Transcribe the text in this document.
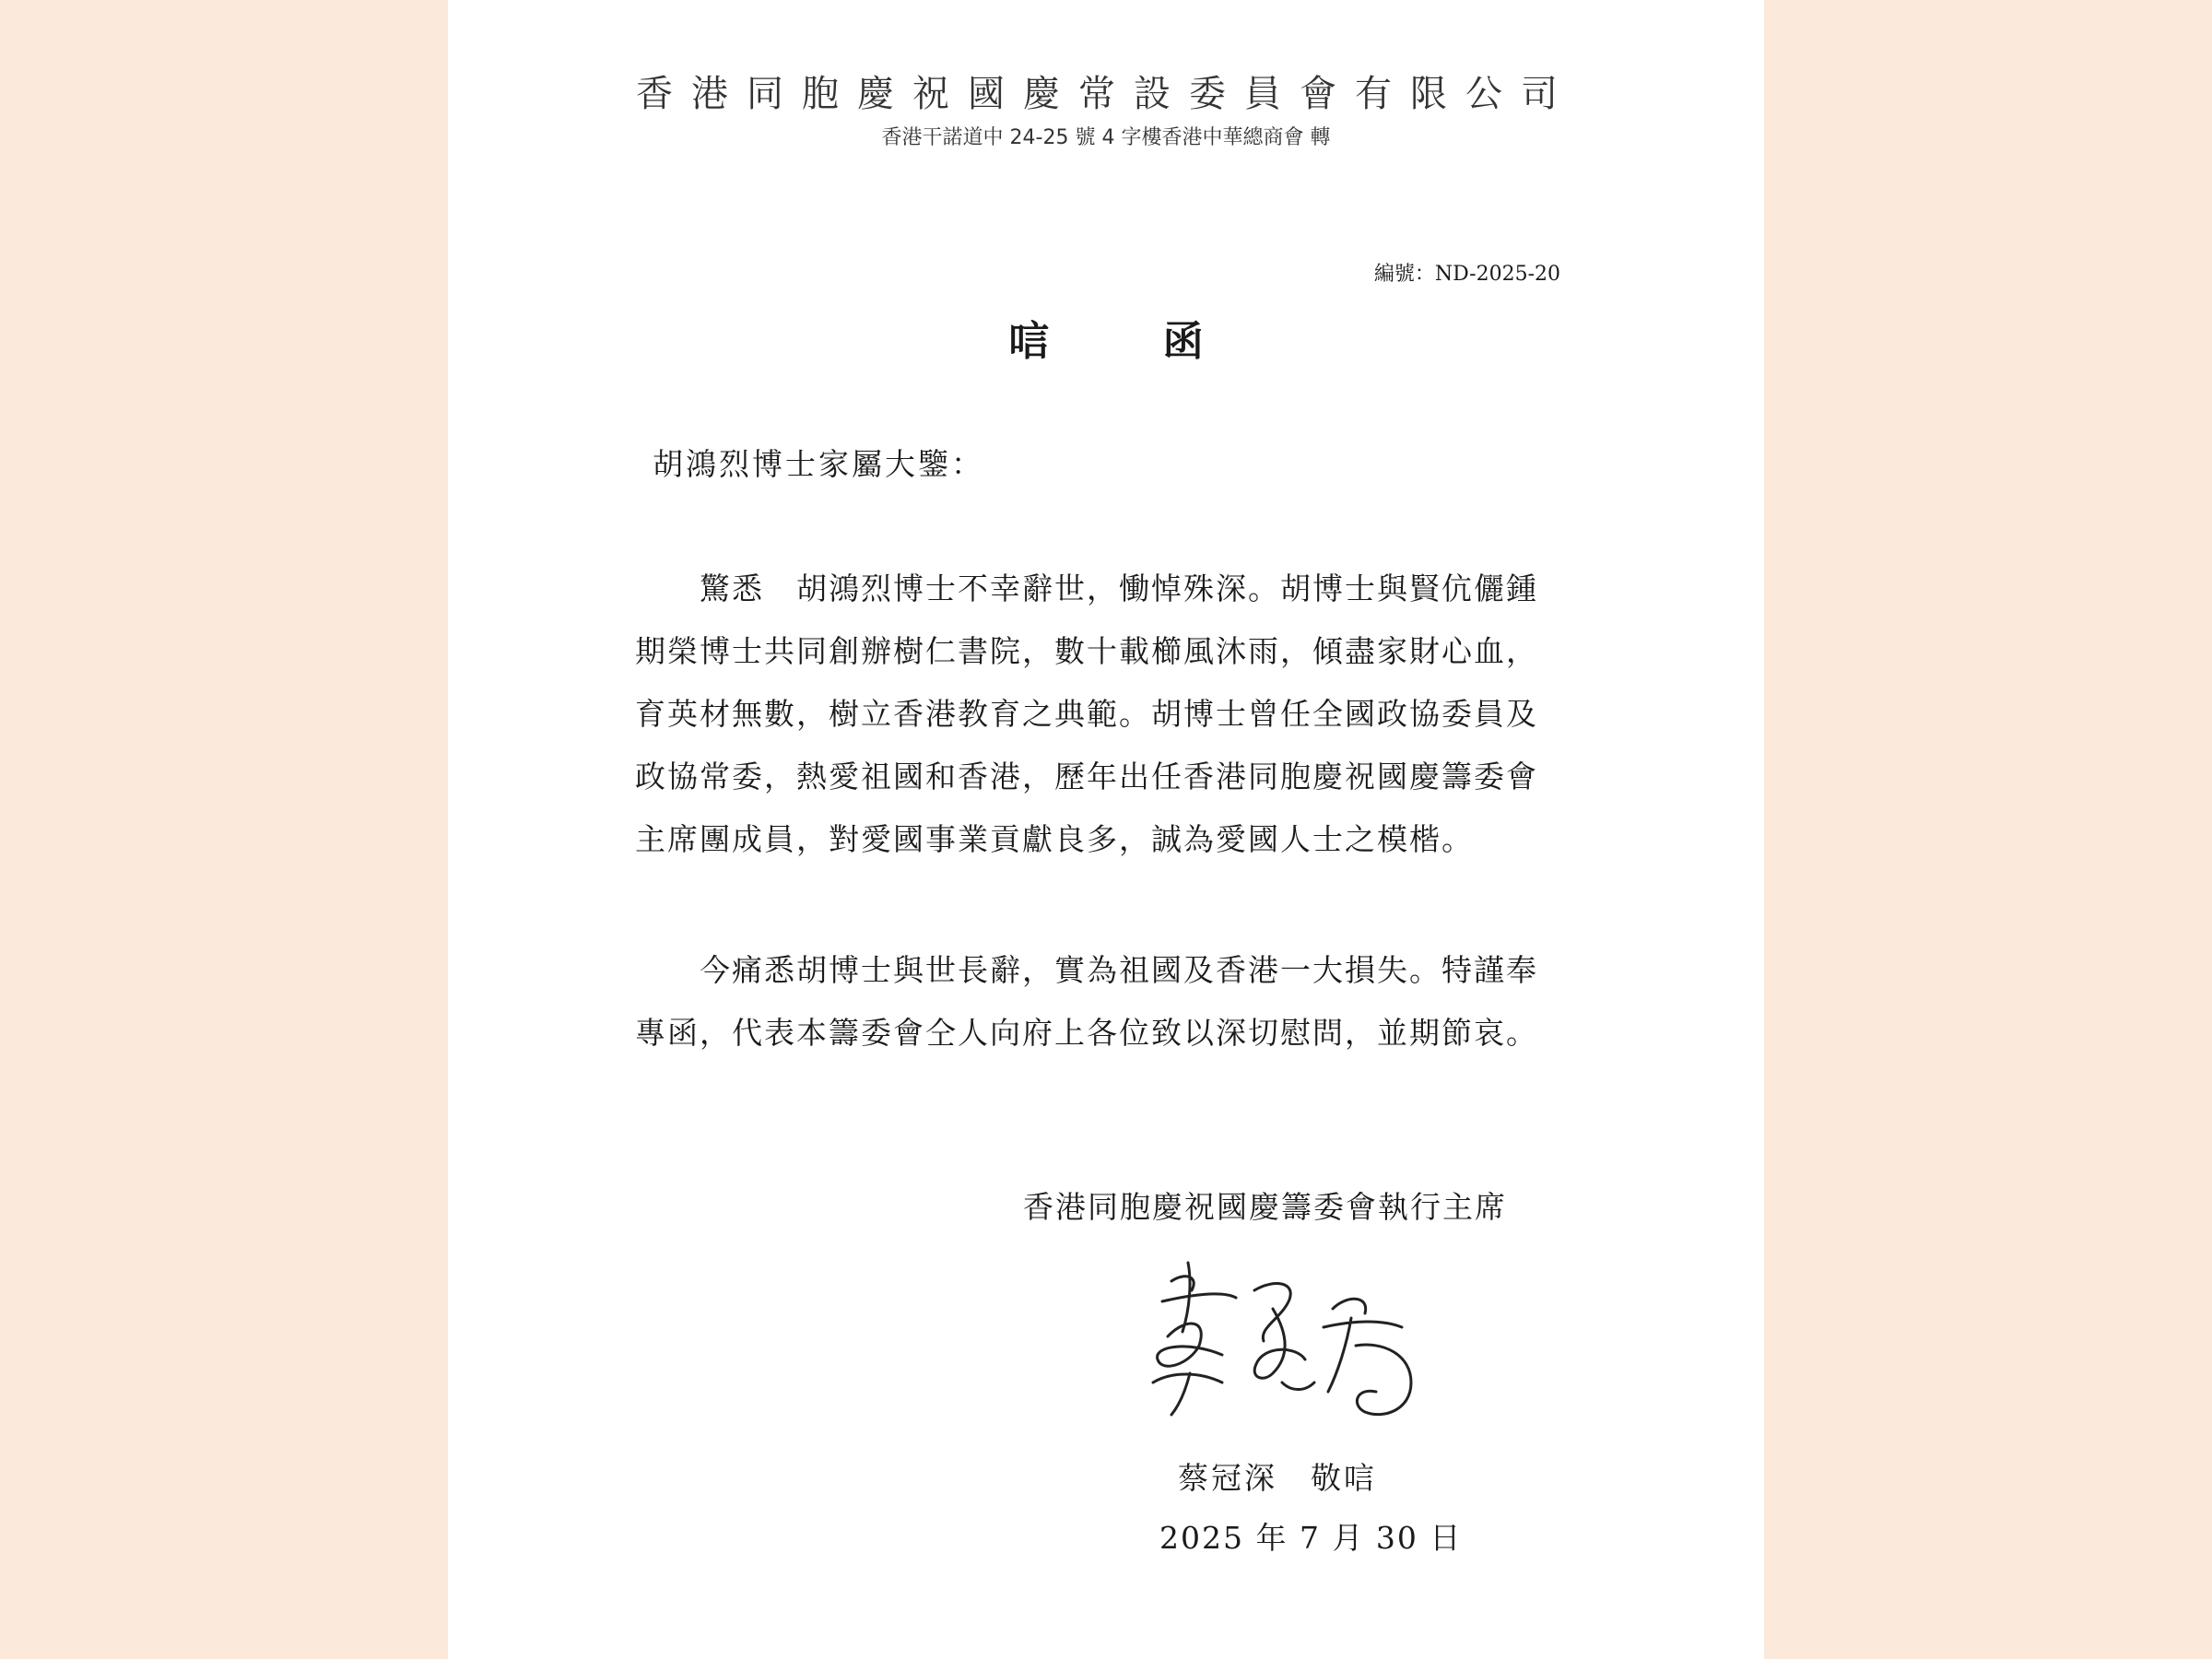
香港同胞慶祝國慶常設委員會有限公司
香港干諾道中 24-25 號 4 字樓香港中華總商會 轉
編號：ND-2025-20
唁 函
胡鴻烈博士家屬大鑒：
　　驚悉　胡鴻烈博士不幸辭世，慟悼殊深。胡博士與賢伉儷鍾
期榮博士共同創辦樹仁書院，數十載櫛風沐雨，傾盡家財心血，
育英材無數，樹立香港教育之典範。胡博士曾任全國政協委員及
政協常委，熱愛祖國和香港，歷年出任香港同胞慶祝國慶籌委會
主席團成員，對愛國事業貢獻良多，誠為愛國人士之模楷。
　　今痛悉胡博士與世長辭，實為祖國及香港一大損失。特謹奉
專函，代表本籌委會仝人向府上各位致以深切慰問，並期節哀。
香港同胞慶祝國慶籌委會執行主席
蔡冠深　敬唁
2025 年 7 月 30 日
